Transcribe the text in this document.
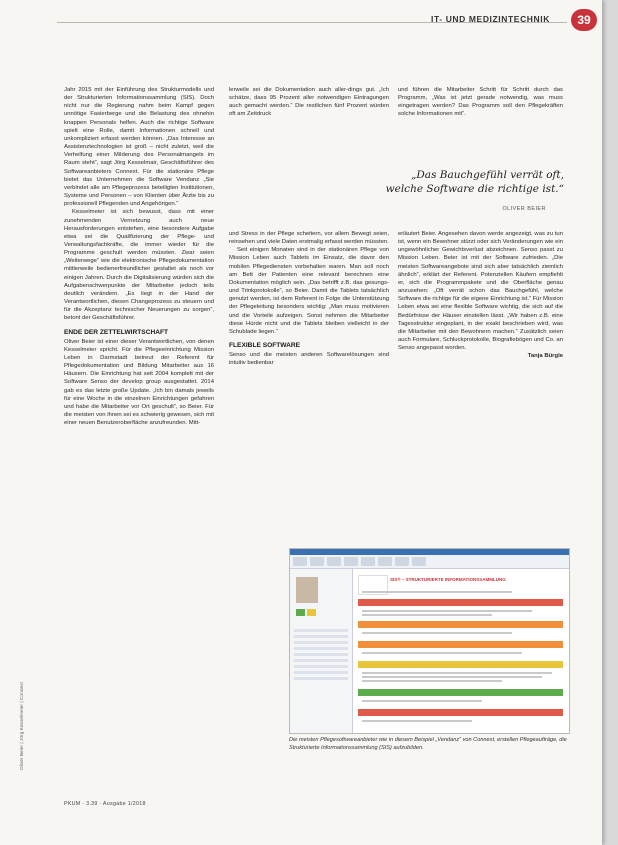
IT- UND MEDIZINTECHNIK	39

Jahr 2015 mit der Einführung des Strukturmodells und der Strukturierten Informationssammlung (SIS). Doch nicht nur die Regierung nahm beim Kampf gegen unnötige Fasierberge und die Belastung des ohnehin knappen Personals helfen. Auch die richtige Software spielt eine Rolle, damit Informationen schnell und unkompliziert erfasst werden können. „Das Interesse an Assistenztechnologien ist groß – nicht zuletzt, weil die Verhelfung einer Milderung des Personalmangels im Raum steht“, sagt Jörg Kesselmair, Geschäftsführer des Softwareanbieters Connext. Für die stationäre Pflege bietet das Unternehmen die Software Vendanz „Sie verbindet alle am Pflegeprozess beteiligten Institutionen, Systeme und Personen – von Klienten über Ärzte bis zu professionell Pflegenden und Angehörigen.“

Kesselmeier ist sich bewusst, dass mit einer zunehmenden Vernetzung auch neue Herausforderungen entstehen, eine besondere Aufgabe etwa sei die Qualifizierung der Pflege- und Verwaltungsfachkräfte, die immer wieder für die Programme geschult werden müssten. Zwar seien „Weiterwege“ wie die elektronische Pflegedokumentation mittlerweile bedienerfreundlicher gestaltet als noch vor einigen Jahren. Durch die Digitalisierung würden sich die Aufgabenschwerpunkte der Mitarbeiter jedoch teils deutlich verändern. „Es liegt in der Hand der Verantwortlichen, diesen Changeprozess zu steuern und für die Akzeptanz technischer Neuerungen zu sorgen“, betont der Geschäftsführer.

ENDE DER ZETTELWIRTSCHAFT

Oliver Beier ist einer dieser Verantwortlichen, von denen Kesselmeier spricht. Für die Pflegeeinrichtung Mission Leben in Darmstadt betreut der Referent für Pflegedokumentation und Bildung Mitarbeiter aus 16 Häusern. Die Einrichtung hat seit 2004 komplett mit der Software Senso der develop group ausgestattet. 2014 gab es das letzte große Update. „Ich bin damals jeweils für eine Woche in die einzelnen Einrichtungen gefahren und habe die Mitarbeiter vor Ort geschult“, so Beier. Für die meisten von ihnen sei es schwierig gewesen, sich mit einer neuen Benutzeroberfläche anzufreunden. Mitt-

lerweile sei die Dokumentation auch aller-dings gut. „Ich schätze, dass 95 Prozent aller notwendigen Eintragungen auch gemacht werden.“ Die restlichen fünf Prozent würden oft am Zeitdruck

und führen die Mitarbeiter Schritt für Schritt durch das Programm, „Was ist jetzt gerade notwendig, was muss eingetragen werden? Das Programm soll den Pflegekräften solche Informationen mit“.

„Das Bauchgefühl verrät oft, welche Software die richtige ist.“
OLIVER BEIER

und Stress in der Pflege scheitern, vor allem Bewegt seien, reinsehen und viele Daten erstmalig erfasst werden müssten.

Seit einigen Monaten sind in der stationären Pflege von Mission Leben auch Tablets im Einsatz, die davor den mobilen Pflegediensten vorbehalten waren. Man soll noch am Bett der Patienten eine relevant berechnen eine Dokumentation möglich sein. „Das betrifft z.B. das gesungs- und Trinkprotokolle“, so Beier. Damit die Tablets tatsächlich genutzt werden, ist dem Referent in Folge die Unterstützung der Pflegeleitung besonders wichtig: „Man muss motivieren und die Vorteile aufzeigen. Sonst nehmen die Mitarbeiter diese Hürde nicht und die Tablets bleiben vielleicht in der Schublade liegen.“

FLEXIBLE SOFTWARE

Senso und die meisten anderen Softwarelösungen sind intuitiv bedienbar

erläutert Beier. Angesehen davon werde angezeigt, was zu tun ist, wenn ein Bewohner stürzt oder sich Veränderungen wie ein ungewöhnlicher Gewichtsverlust abzeichnen. Senso passt zu Mission Leben. Beier ist mit der Software zufrieden. „Die meisten Softwareangebote sind sich aber tatsächlich ziemlich ähnlich“, erklärt der Referent. Potenziellen Käufern empfiehlt er, sich die Programmpakete und die Oberfläche genau anzusehen: „Oft verrät schon das Bauchgefühl, welche Software die richtige für die eigene Einrichtung ist.“ Für Mission Leben etwa sei eine flexible Software wichtig, die sich auf die Bedürfnisse der Häuser einstellen lässt. „Wir haben z.B. eine Tagesstruktur eingeplant, in der exakt beschrieben wird, was die Mitarbeiter mit den Bewohnern machen.“ Zusätzlich seien auch Formulare, Schluckprotokolle, Biografiebögen und Co. an Senso angepasst worden.

Tanja Bürgle

SIS® – STRUKTURIERTE INFORMATIONSSAMMLUNG
Die meisten Pflegesoftwareanbieter wie in diesem Beispiel „Vendanz“ von Connext, erstellen Pflegeaufträge, die Strukturierte Informationssammlung (SIS) aufzubilden.
PKUM · 3.39 · Ausgabe 1/2018
Oliver Beier | Jörg Kesselmeier | Connext
